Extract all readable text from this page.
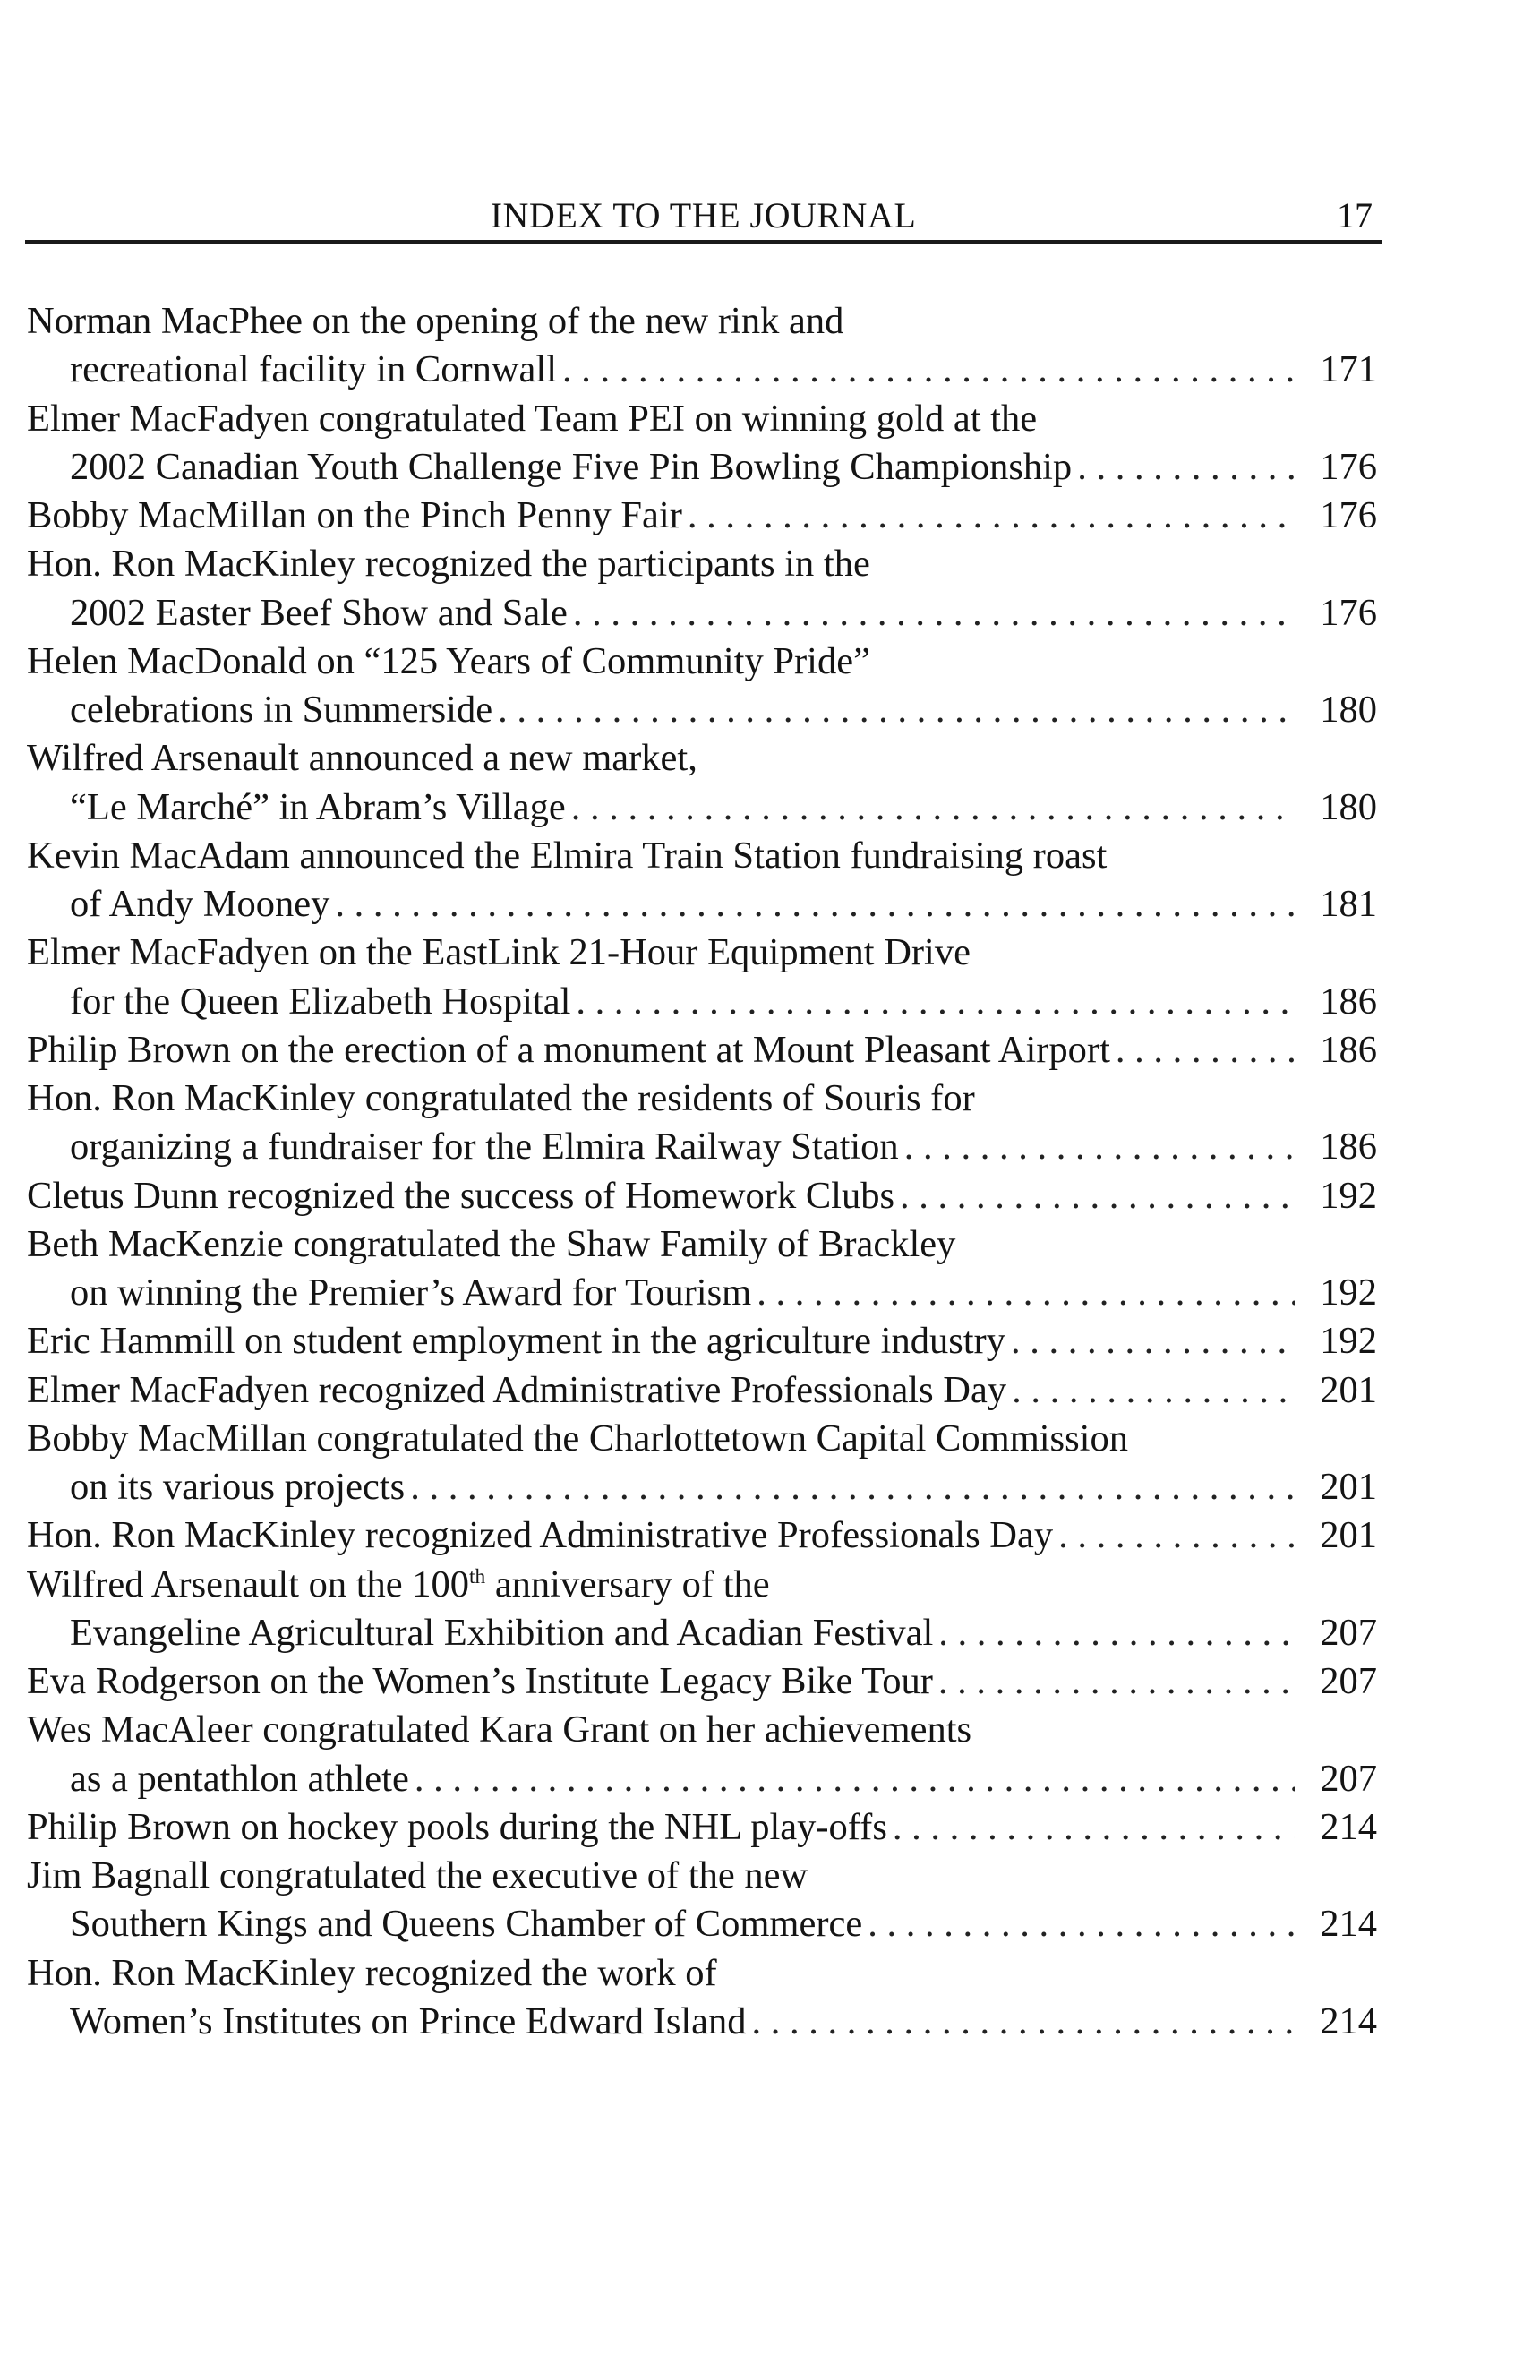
INDEX TO THE JOURNAL	17
Norman MacPhee on the opening of the new rink and
recreational facility in Cornwall . . .	171
Elmer MacFadyen congratulated Team PEI on winning gold at the
2002 Canadian Youth Challenge Five Pin Bowling Championship . . .	176
Bobby MacMillan on the Pinch Penny Fair . . .	176
Hon. Ron MacKinley recognized the participants in the
2002 Easter Beef Show and Sale . . .	176
Helen MacDonald on “125 Years of Community Pride”
celebrations in Summerside . . .	180
Wilfred Arsenault announced a new market,
“Le Marché” in Abram’s Village . . .	180
Kevin MacAdam announced the Elmira Train Station fundraising roast
of Andy Mooney . . .	181
Elmer MacFadyen on the EastLink 21-Hour Equipment Drive
for the Queen Elizabeth Hospital . . .	186
Philip Brown on the erection of a monument at Mount Pleasant Airport . . .	186
Hon. Ron MacKinley congratulated the residents of Souris for
organizing a fundraiser for the Elmira Railway Station . . .	186
Cletus Dunn recognized the success of Homework Clubs . . .	192
Beth MacKenzie congratulated the Shaw Family of Brackley
on winning the Premier’s Award for Tourism . . .	192
Eric Hammill on student employment in the agriculture industry . . .	192
Elmer MacFadyen recognized Administrative Professionals Day . . .	201
Bobby MacMillan congratulated the Charlottetown Capital Commission
on its various projects . . .	201
Hon. Ron MacKinley recognized Administrative Professionals Day . . .	201
Wilfred Arsenault on the 100th anniversary of the
Evangeline Agricultural Exhibition and Acadian Festival . . .	207
Eva Rodgerson on the Women’s Institute Legacy Bike Tour . . .	207
Wes MacAleer congratulated Kara Grant on her achievements
as a pentathlon athlete . . .	207
Philip Brown on hockey pools during the NHL play-offs . . .	214
Jim Bagnall congratulated the executive of the new
Southern Kings and Queens Chamber of Commerce . . .	214
Hon. Ron MacKinley recognized the work of
Women’s Institutes on Prince Edward Island . . .	214
